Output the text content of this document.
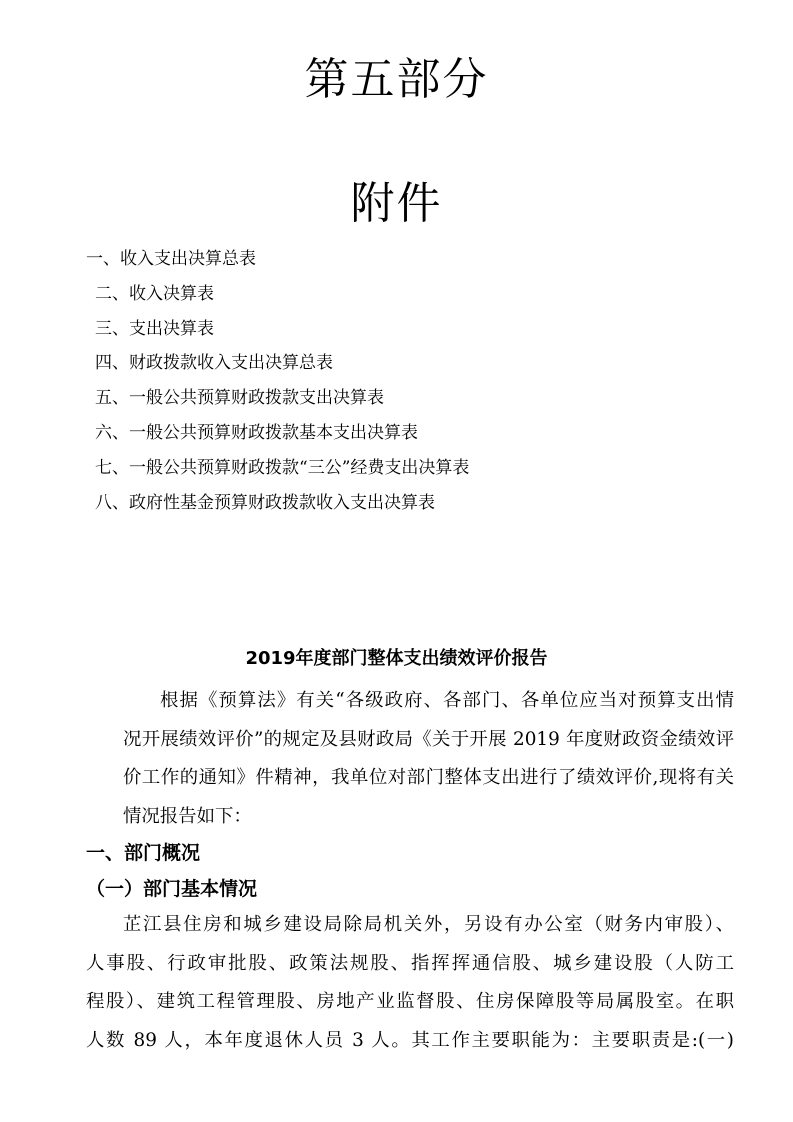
第五部分
附件
一、收入支出决算总表
二、收入决算表
三、支出决算表
四、财政拨款收入支出决算总表
五、一般公共预算财政拨款支出决算表
六、一般公共预算财政拨款基本支出决算表
七、一般公共预算财政拨款“三公”经费支出决算表
八、政府性基金预算财政拨款收入支出决算表
2019年度部门整体支出绩效评价报告
根据《预算法》有关“各级政府、各部门、各单位应当对预算支出情
况开展绩效评价”的规定及县财政局《关于开展 2019 年度财政资金绩效评
价工作的通知》件精神，我单位对部门整体支出进行了绩效评价,现将有关
情况报告如下：
一、部门概况
（一）部门基本情况
芷江县住房和城乡建设局除局机关外，另设有办公室（财务内审股）、
人事股、行政审批股、政策法规股、指挥挥通信股、城乡建设股（人防工
程股）、建筑工程管理股、房地产业监督股、住房保障股等局属股室。在职
人数 89 人，本年度退休人员 3 人。其工作主要职能为：主要职责是:(一)
